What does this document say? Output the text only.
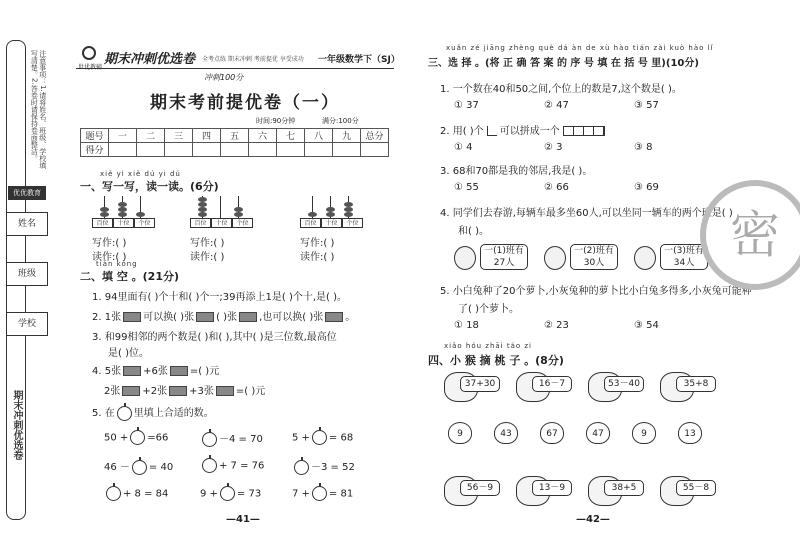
注意事项：1.请将姓名、班级、学校填写清楚。2.答卷时请保持卷面整洁。
优优教育
姓名
班级
学校
期末冲刺优选卷
期末冲刺优选卷 全考点练 期末冲刺 考前提优 享受成功 一年级数学下（SJ）
冲刺100分
期末考前提优卷（一）
时间:90分钟	满分:100分
题号	一	二	三	四	五	六	七	八	九	总分
得分										
xiě yi xiě dú yi dú
一、写一写，读一读。(6分)
百位	十位	个位
写作:( )
读作:( )
百位	十位	个位
写作:( )
读作:( )
百位	十位	个位
写作:( )
读作:( )
tián kòng
二、填 空 。(21分)
1. 94里面有( )个十和( )个一;39再添上1是( )个十,是( )。
2. 1张 可以换( )张 ( )张 ,也可以换( )张 。
3. 和99相邻的两个数是( )和( ),其中( )是三位数,最高位
是( )位。
4. 5张 +6张 =( )元
2张 +2张 +3张 =( )元
5. 在 里填上合适的数。
50 + =66	－4 = 70	5 + = 68
46 － = 40	+ 7 = 76	－3 = 52
+ 8 = 84	9 + = 73	7 + = 81
—41—
xuǎn zé jiāng zhèng què dá àn de xù hào tián zài kuò hào lǐ
三、选 择 。(将 正 确 答 案 的 序 号 填 在 括 号 里)(10分)
1. 一个数在40和50之间,个位上的数是7,这个数是( )。
2. 用( )个 可以拼成一个
3. 68和70都是我的邻居,我是( )。
4. 同学们去春游,每辆车最多坐60人,可以坐同一辆车的两个班是( )
和( )。
5. 小白兔种了20个萝卜,小灰兔种的萝卜比小白兔多得多,小灰兔可能种
了( )个萝卜。
① 37	② 47	③ 57
① 4	② 3	③ 8
① 55	② 66	③ 69
① 18	② 23	③ 54
一(1)班有27人
一(2)班有30人
一(3)班有34人
xiǎo hóu zhāi táo zi
四、小 猴 摘 桃 子 。(8分)
37+30	16－7	53－40	35+8
9	43	67	47	9	13
56－9	13－9	38+5	55－8
—42—
密
